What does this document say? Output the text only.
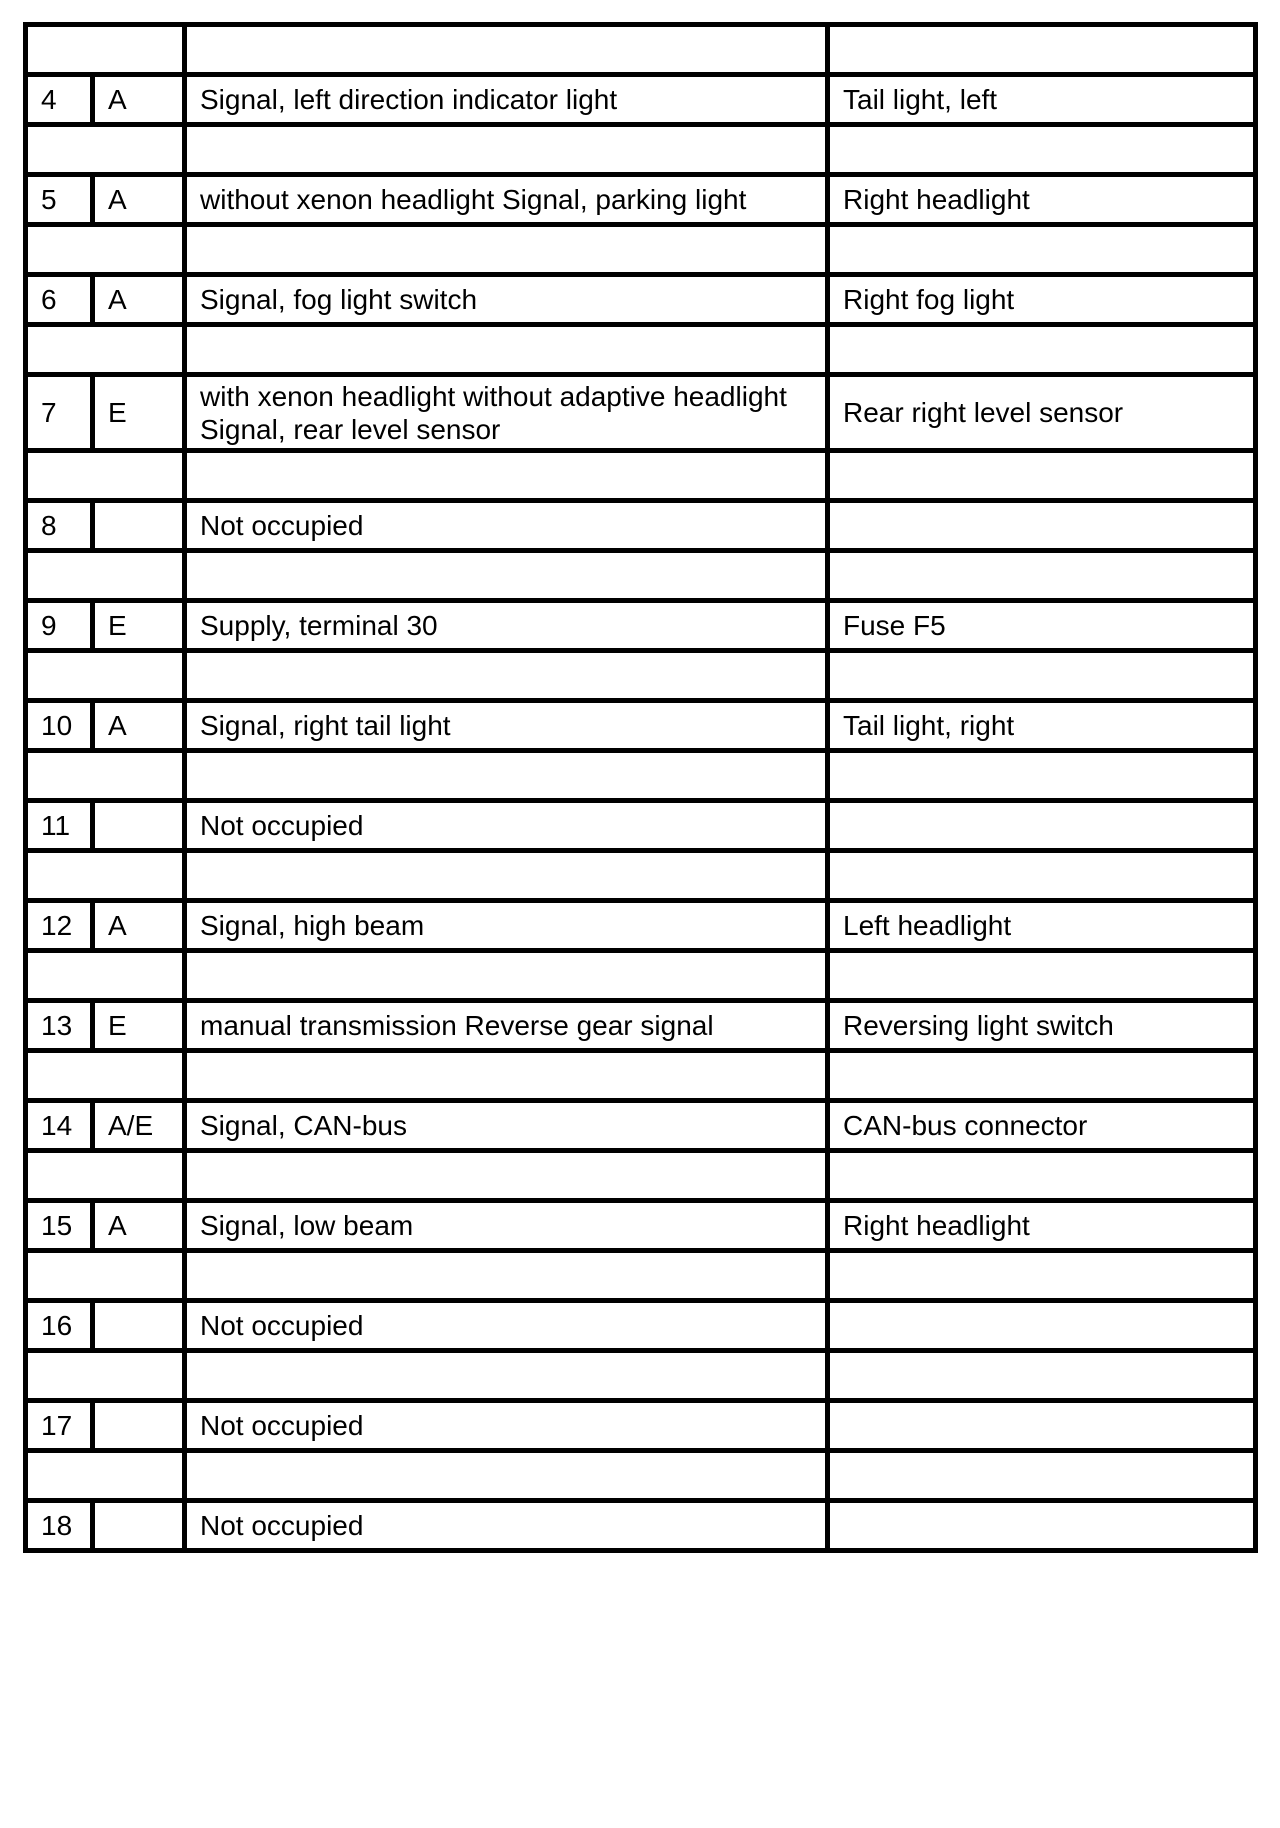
4	A	Signal, left direction indicator light	Tail light, left

5	A	without xenon headlight Signal, parking light	Right headlight

6	A	Signal, fog light switch	Right fog light

7	E	with xenon headlight without adaptive headlight Signal, rear level sensor	Rear right level sensor

8		Not occupied	

9	E	Supply, terminal 30	Fuse F5

10	A	Signal, right tail light	Tail light, right

11		Not occupied	

12	A	Signal, high beam	Left headlight

13	E	manual transmission Reverse gear signal	Reversing light switch

14	A/E	Signal, CAN-bus	CAN-bus connector

15	A	Signal, low beam	Right headlight

16		Not occupied	

17		Not occupied	

18		Not occupied	
